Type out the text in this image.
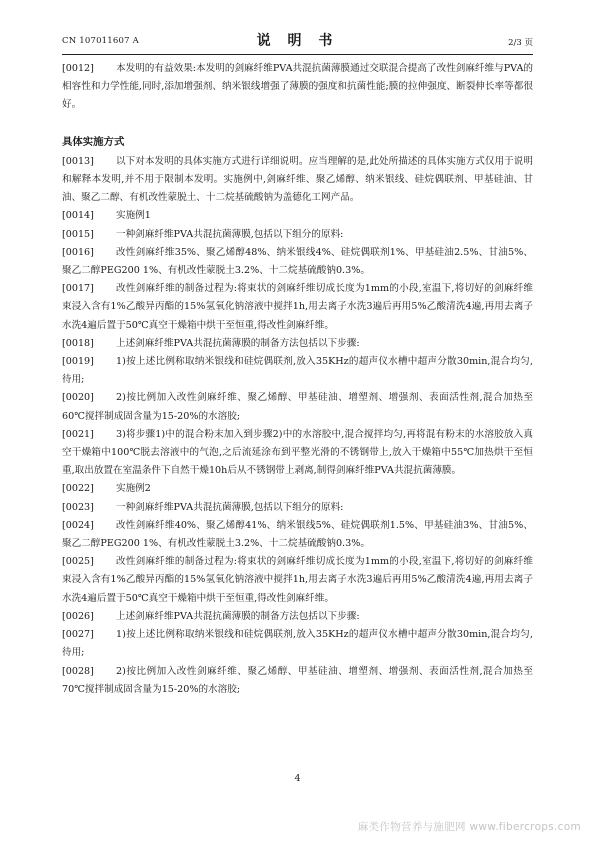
CN 107011607 A	说 明 书	2/3 页
[0012]	本发明的有益效果:本发明的剑麻纤维PVA共混抗菌薄膜通过交联混合提高了改性剑麻纤维与PVA的相容性和力学性能,同时,添加增强剂、纳米银线增强了薄膜的强度和抗菌性能;膜的拉伸强度、断裂伸长率等都很好。
具体实施方式
[0013]	以下对本发明的具体实施方式进行详细说明。应当理解的是,此处所描述的具体实施方式仅用于说明和解释本发明,并不用于限制本发明。实施例中,剑麻纤维、聚乙烯醇、纳米银线、硅烷偶联剂、甲基硅油、甘油、聚乙二醇、有机改性蒙脱土、十二烷基硫酸钠为盖德化工网产品。
[0014]	实施例1
[0015]	一种剑麻纤维PVA共混抗菌薄膜,包括以下组分的原料:
[0016]	改性剑麻纤维35%、聚乙烯醇48%、纳米银线4%、硅烷偶联剂1%、甲基硅油2.5%、甘油5%、聚乙二醇PEG200 1%、有机改性蒙脱土3.2%、十二烷基硫酸钠0.3%。
[0017]	改性剑麻纤维的制备过程为:将束状的剑麻纤维切成长度为1mm的小段,室温下,将切好的剑麻纤维束浸入含有1%乙酸异丙酯的15%氢氧化钠溶液中搅拌1h,用去离子水洗3遍后再用5%乙酸清洗4遍,再用去离子水洗4遍后置于50℃真空干燥箱中烘干至恒重,得改性剑麻纤维。
[0018]	上述剑麻纤维PVA共混抗菌薄膜的制备方法包括以下步骤:
[0019]	1)按上述比例称取纳米银线和硅烷偶联剂,放入35KHz的超声仪水槽中超声分散30min,混合均匀,待用;
[0020]	2)按比例加入改性剑麻纤维、聚乙烯醇、甲基硅油、增塑剂、增强剂、表面活性剂,混合加热至60℃搅拌制成固含量为15-20%的水溶胶;
[0021]	3)将步骤1)中的混合粉末加入到步骤2)中的水溶胶中,混合搅拌均匀,再将混有粉末的水溶胶放入真空干燥箱中100℃脱去溶液中的气泡,之后流延涂布到平整光滑的不锈钢带上,放入干燥箱中55℃加热烘干至恒重,取出放置在室温条件下自然干燥10h后从不锈钢带上剥离,制得剑麻纤维PVA共混抗菌薄膜。
[0022]	实施例2
[0023]	一种剑麻纤维PVA共混抗菌薄膜,包括以下组分的原料:
[0024]	改性剑麻纤维40%、聚乙烯醇41%、纳米银线5%、硅烷偶联剂1.5%、甲基硅油3%、甘油5%、聚乙二醇PEG200 1%、有机改性蒙脱土3.2%、十二烷基硫酸钠0.3%。
[0025]	改性剑麻纤维的制备过程为:将束状的剑麻纤维切成长度为1mm的小段,室温下,将切好的剑麻纤维束浸入含有1%乙酸异丙酯的15%氢氧化钠溶液中搅拌1h,用去离子水洗3遍后再用5%乙酸清洗4遍,再用去离子水洗4遍后置于50℃真空干燥箱中烘干至恒重,得改性剑麻纤维。
[0026]	上述剑麻纤维PVA共混抗菌薄膜的制备方法包括以下步骤:
[0027]	1)按上述比例称取纳米银线和硅烷偶联剂,放入35KHz的超声仪水槽中超声分散30min,混合均匀,待用;
[0028]	2)按比例加入改性剑麻纤维、聚乙烯醇、甲基硅油、增塑剂、增强剂、表面活性剂,混合加热至70℃搅拌制成固含量为15-20%的水溶胶;
4
麻类作物营养与施肥网 www.fibercrops.com
